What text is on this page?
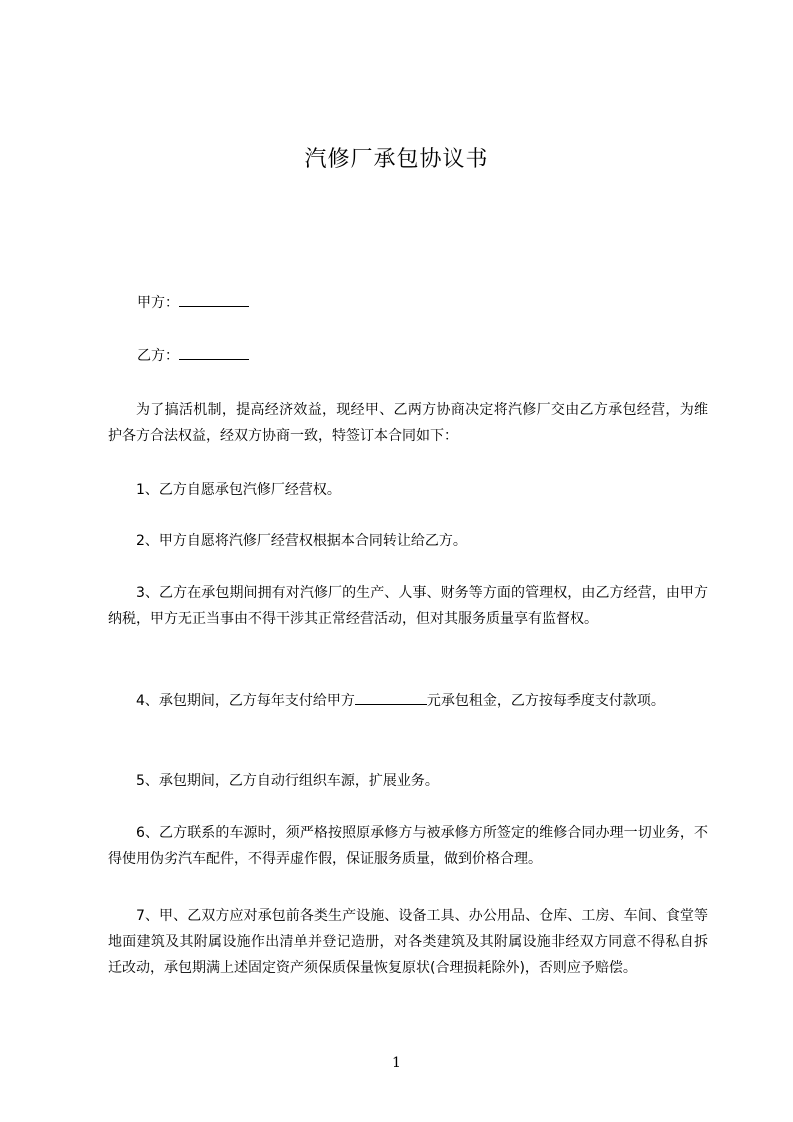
汽修厂承包协议书
甲方：
乙方：

为了搞活机制，提高经济效益，现经甲、乙两方协商决定将汽修厂交由乙方承包经营，为维护各方合法权益，经双方协商一致，特签订本合同如下：

1、乙方自愿承包汽修厂经营权。

2、甲方自愿将汽修厂经营权根据本合同转让给乙方。

3、乙方在承包期间拥有对汽修厂的生产、人事、财务等方面的管理权，由乙方经营，由甲方纳税，甲方无正当事由不得干涉其正常经营活动，但对其服务质量享有监督权。

4、承包期间，乙方每年支付给甲方	元承包租金，乙方按每季度支付款项。

5、承包期间，乙方自动行组织车源，扩展业务。

6、乙方联系的车源时，须严格按照原承修方与被承修方所签定的维修合同办理一切业务，不得使用伪劣汽车配件，不得弄虚作假，保证服务质量，做到价格合理。

7、甲、乙双方应对承包前各类生产设施、设备工具、办公用品、仓库、工房、车间、食堂等地面建筑及其附属设施作出清单并登记造册，对各类建筑及其附属设施非经双方同意不得私自拆迁改动，承包期满上述固定资产须保质保量恢复原状(合理损耗除外)，否则应予赔偿。

1
